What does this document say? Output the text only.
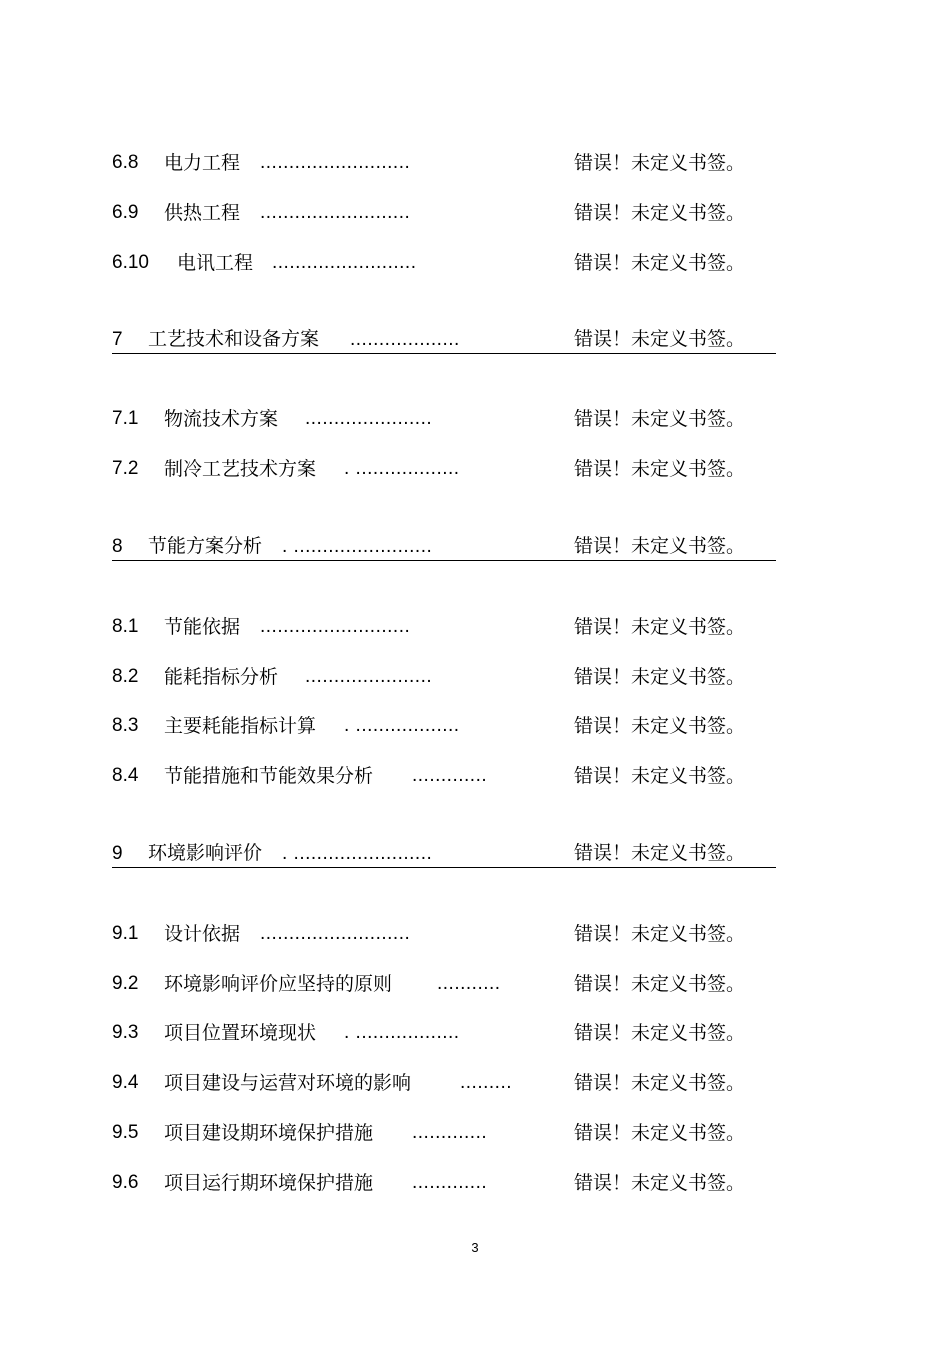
6.8 电力工程 ..........................	错误！未定义书签。
6.9 供热工程 ..........................	错误！未定义书签。
6.10 电讯工程 .........................	错误！未定义书签。
7 工艺技术和设备方案 ...................	错误！未定义书签。
7.1 物流技术方案 ......................	错误！未定义书签。
7.2 制冷工艺技术方案 . ..................	错误！未定义书签。
8 节能方案分析 . ........................	错误！未定义书签。
8.1 节能依据 ..........................	错误！未定义书签。
8.2 能耗指标分析 ......................	错误！未定义书签。
8.3 主要耗能指标计算 . ..................	错误！未定义书签。
8.4 节能措施和节能效果分析 .............	错误！未定义书签。
9 环境影响评价 . ........................	错误！未定义书签。
9.1 设计依据 ..........................	错误！未定义书签。
9.2 环境影响评价应坚持的原则 ...........	错误！未定义书签。
9.3 项目位置环境现状 . ..................	错误！未定义书签。
9.4 项目建设与运营对环境的影响	.........	错误！未定义书签。
9.5 项目建设期环境保护措施 .............	错误！未定义书签。
9.6 项目运行期环境保护措施 .............	错误！未定义书签。
3
